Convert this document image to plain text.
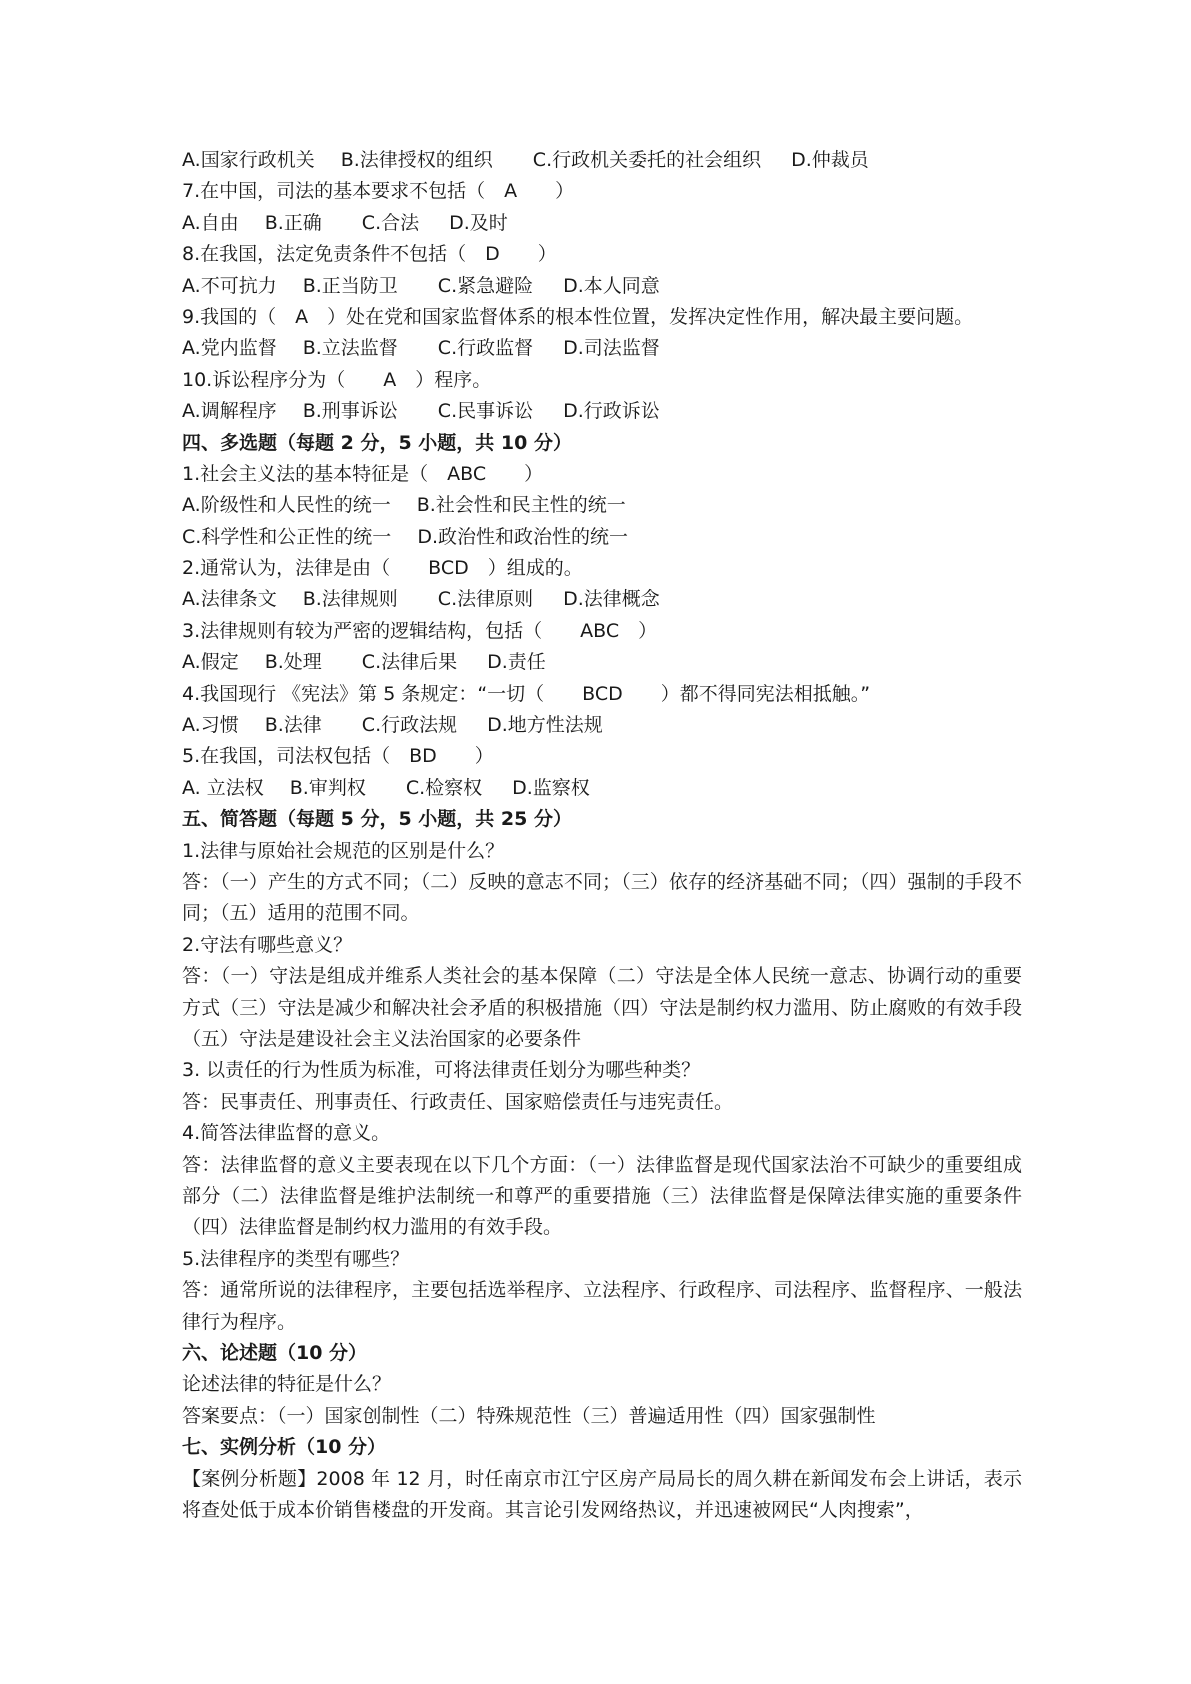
A.国家行政机关 B.法律授权的组织 C.行政机关委托的社会组织 D.仲裁员
7.在中国，司法的基本要求不包括（　A　　）
A.自由 B.正确 C.合法 D.及时
8.在我国，法定免责条件不包括（　D　　）
A.不可抗力 B.正当防卫 C.紧急避险 D.本人同意
9.我国的（　A　）处在党和国家监督体系的根本性位置，发挥决定性作用，解决最主要问题。
A.党内监督 B.立法监督 C.行政监督 D.司法监督
10.诉讼程序分为（　　A　）程序。
A.调解程序 B.刑事诉讼 C.民事诉讼 D.行政诉讼
四、多选题（每题 2 分，5 小题，共 10 分）
1.社会主义法的基本特征是（　ABC　　）
A.阶级性和人民性的统一 B.社会性和民主性的统一
C.科学性和公正性的统一 D.政治性和政治性的统一
2.通常认为，法律是由（　　BCD　）组成的。
A.法律条文 B.法律规则 C.法律原则 D.法律概念
3.法律规则有较为严密的逻辑结构，包括（　　ABC　）
A.假定 B.处理 C.法律后果 D.责任
4.我国现行 《宪法》第 5 条规定：“一切（　　BCD　　）都不得同宪法相抵触。”
A.习惯 B.法律 C.行政法规 D.地方性法规
5.在我国，司法权包括（　BD　　）
A. 立法权 B.审判权 C.检察权 D.监察权
五、简答题（每题 5 分，5 小题，共 25 分）
1.法律与原始社会规范的区别是什么？
答：（一）产生的方式不同；（二）反映的意志不同；（三）依存的经济基础不同；（四）强制的手段不同；（五）适用的范围不同。
2.守法有哪些意义？
答：（一）守法是组成并维系人类社会的基本保障（二）守法是全体人民统一意志、协调行动的重要方式（三）守法是减少和解决社会矛盾的积极措施（四）守法是制约权力滥用、防止腐败的有效手段（五）守法是建设社会主义法治国家的必要条件
3. 以责任的行为性质为标准，可将法律责任划分为哪些种类？
答：民事责任、刑事责任、行政责任、国家赔偿责任与违宪责任。
4.简答法律监督的意义。
答：法律监督的意义主要表现在以下几个方面：（一）法律监督是现代国家法治不可缺少的重要组成部分（二）法律监督是维护法制统一和尊严的重要措施（三）法律监督是保障法律实施的重要条件（四）法律监督是制约权力滥用的有效手段。
5.法律程序的类型有哪些？
答：通常所说的法律程序，主要包括选举程序、立法程序、行政程序、司法程序、监督程序、一般法律行为程序。
六、论述题（10 分）
论述法律的特征是什么？
答案要点：（一）国家创制性（二）特殊规范性（三）普遍适用性（四）国家强制性
七、实例分析（10 分）
【案例分析题】2008 年 12 月，时任南京市江宁区房产局局长的周久耕在新闻发布会上讲话，表示将查处低于成本价销售楼盘的开发商。其言论引发网络热议，并迅速被网民“人肉搜索”，
